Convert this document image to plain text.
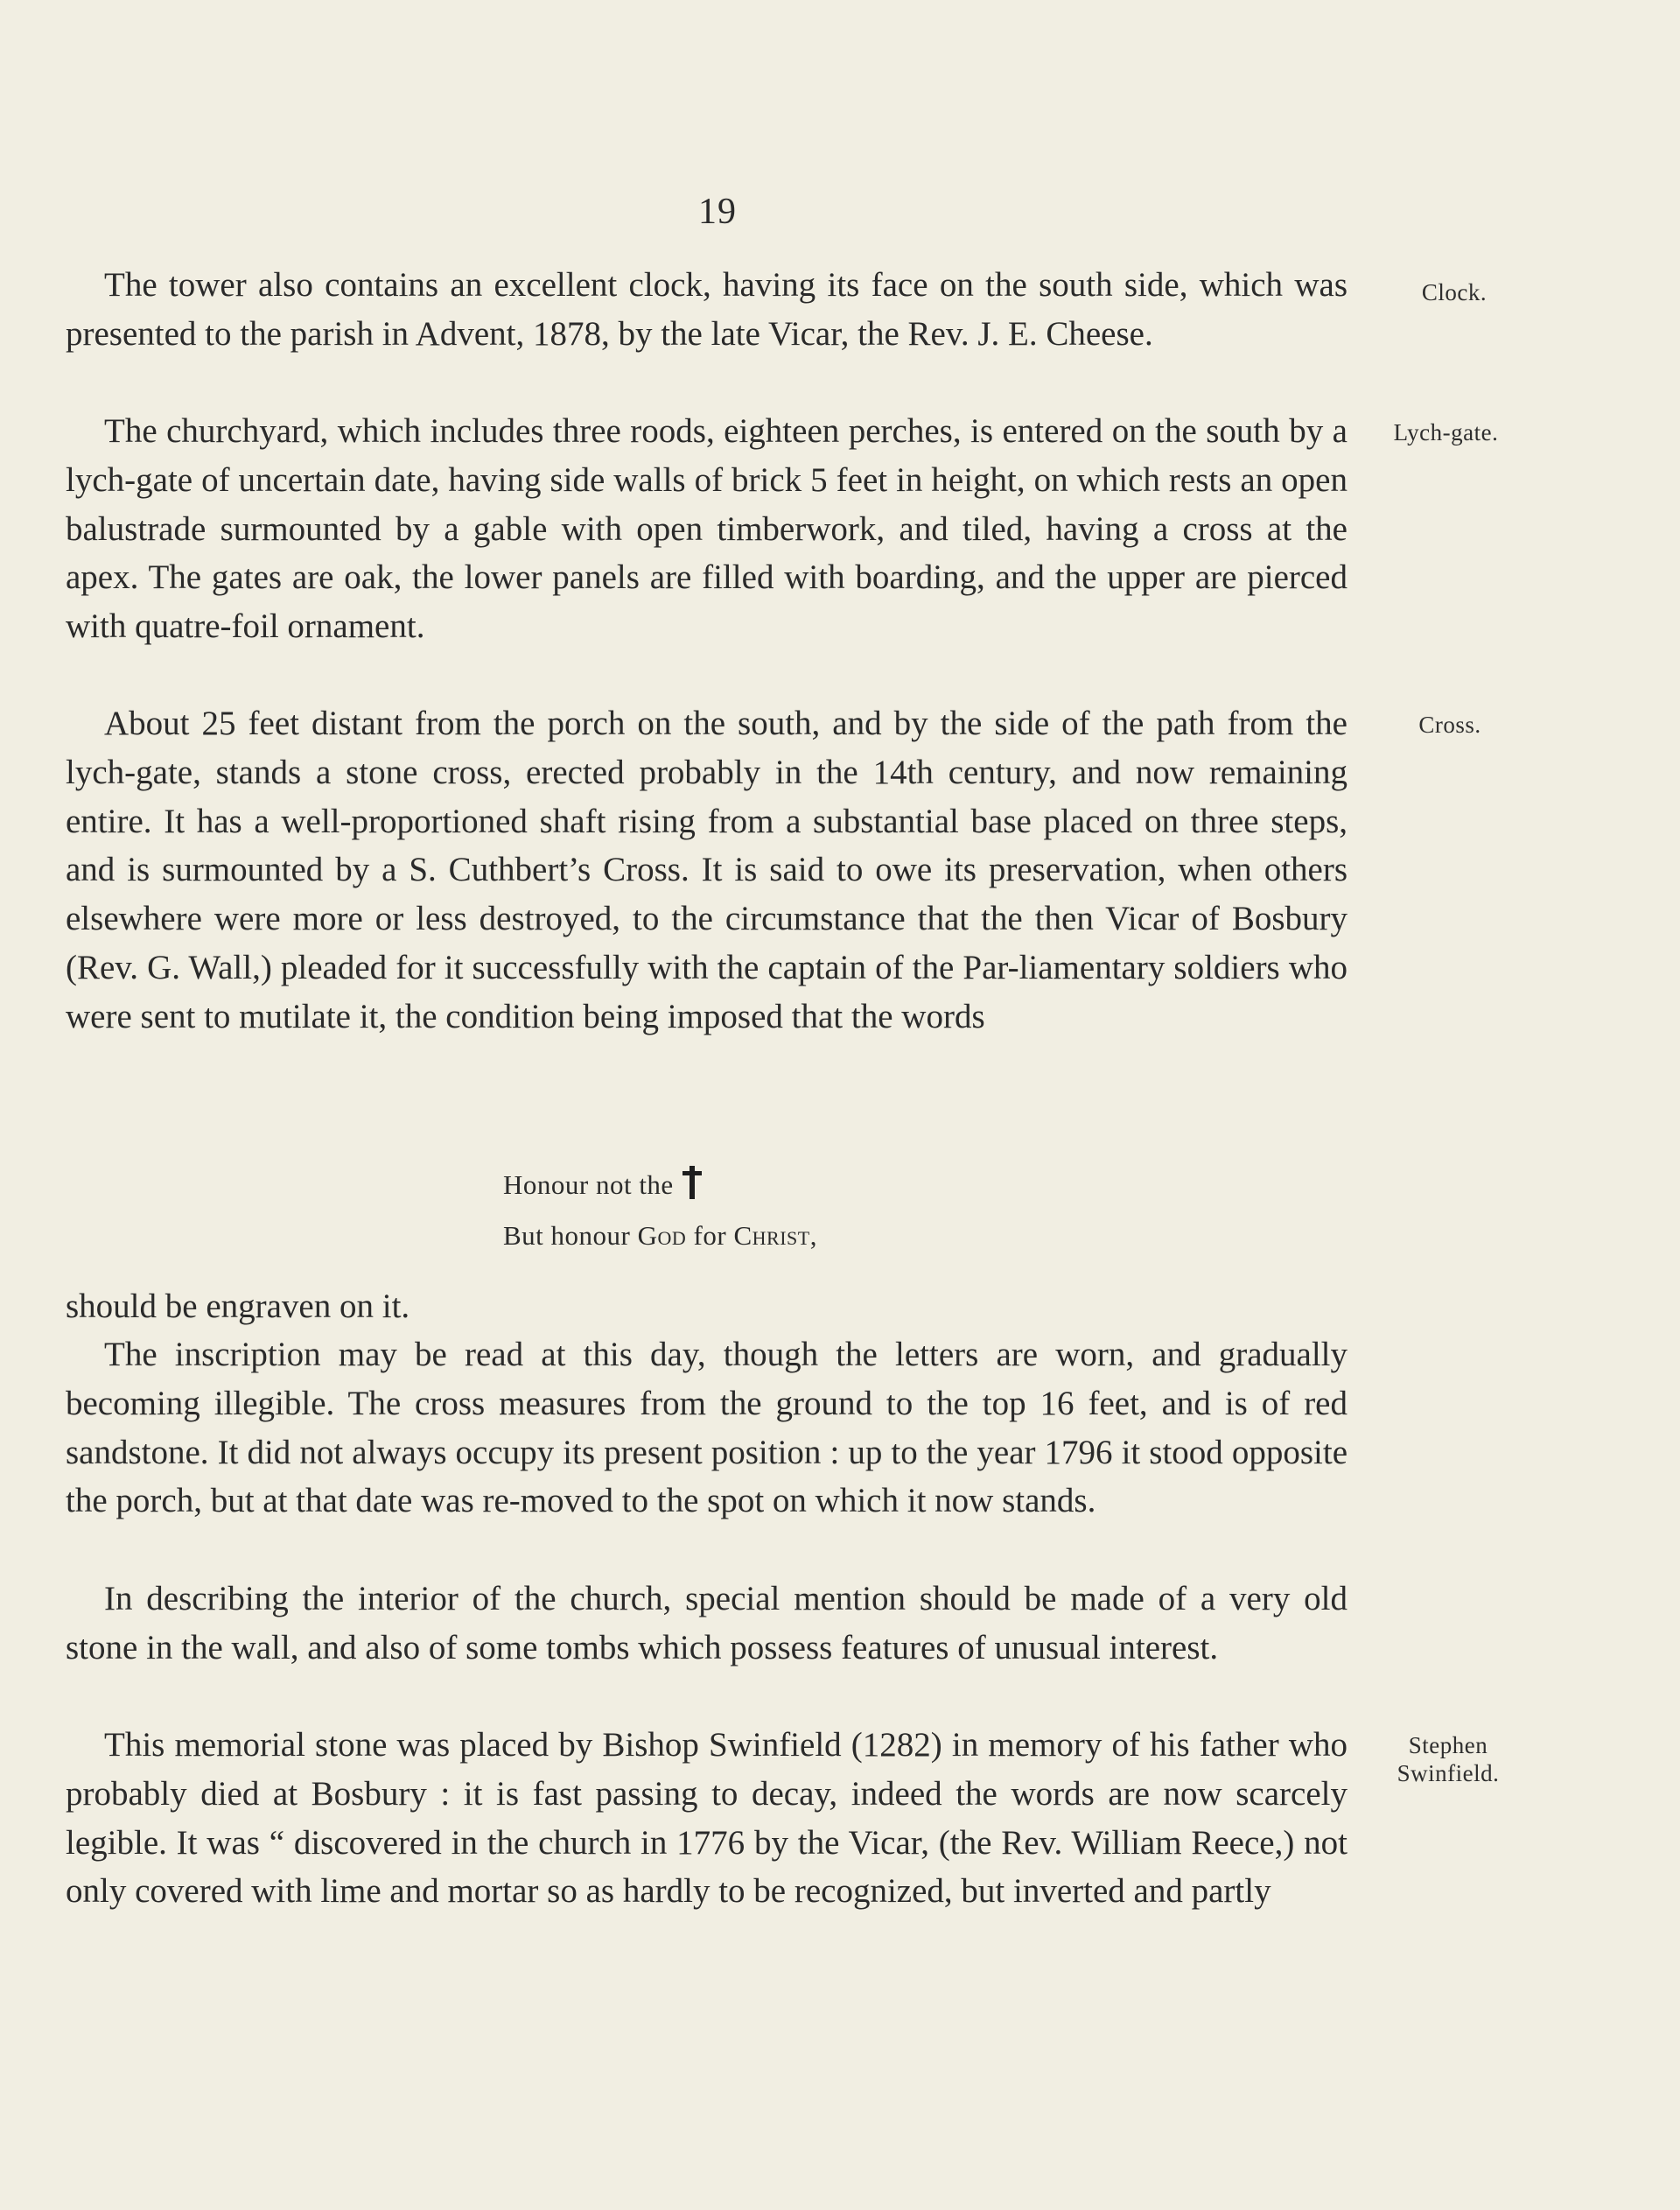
19

The tower also contains an excellent clock, having its face on the south side, which was presented to the parish in Advent, 1878, by the late Vicar, the Rev. J. E. Cheese.

Clock.

The churchyard, which includes three roods, eighteen perches, is entered on the south by a lych-gate of uncertain date, having side walls of brick 5 feet in height, on which rests an open balustrade surmounted by a gable with open timberwork, and tiled, having a cross at the apex. The gates are oak, the lower panels are filled with boarding, and the upper are pierced with quatre-foil ornament.

Lych-gate.

About 25 feet distant from the porch on the south, and by the side of the path from the lych-gate, stands a stone cross, erected probably in the 14th century, and now remaining entire. It has a well-proportioned shaft rising from a substantial base placed on three steps, and is surmounted by a S. Cuthbert’s Cross. It is said to owe its preservation, when others elsewhere were more or less destroyed, to the circumstance that the then Vicar of Bosbury (Rev. G. Wall,) pleaded for it successfully with the captain of the Par-liamentary soldiers who were sent to mutilate it, the condition being imposed that the words

Cross.
Honour not the
But honour God for Christ,

should be engraven on it.

The inscription may be read at this day, though the letters are worn, and gradually becoming illegible. The cross measures from the ground to the top 16 feet, and is of red sandstone. It did not always occupy its present position : up to the year 1796 it stood opposite the porch, but at that date was re-moved to the spot on which it now stands.

In describing the interior of the church, special mention should be made of a very old stone in the wall, and also of some tombs which possess features of unusual interest.

This memorial stone was placed by Bishop Swinfield (1282) in memory of his father who probably died at Bosbury : it is fast passing to decay, indeed the words are now scarcely legible. It was “ discovered in the church in 1776 by the Vicar, (the Rev. William Reece,) not only covered with lime and mortar so as hardly to be recognized, but inverted and partly

Stephen
Swinfield.
